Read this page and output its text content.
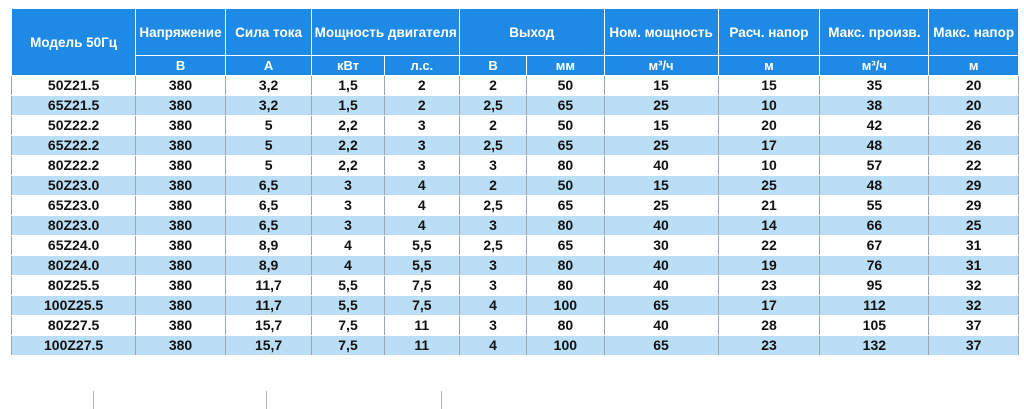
Модель 50Гц	Напряжение	Сила тока	Мощность двигателя		Выход		Ном. мощность	Расч. напор	Макс. произв.	Макс. напор
	В	А	кВт	л.с.	В	мм	м³/ч	м	м³/ч	м
50Z21.5	380	3,2	1,5	2	2	50	15	15	35	20
65Z21.5	380	3,2	1,5	2	2,5	65	25	10	38	20
50Z22.2	380	5	2,2	3	2	50	15	20	42	26
65Z22.2	380	5	2,2	3	2,5	65	25	17	48	26
80Z22.2	380	5	2,2	3	3	80	40	10	57	22
50Z23.0	380	6,5	3	4	2	50	15	25	48	29
65Z23.0	380	6,5	3	4	2,5	65	25	21	55	29
80Z23.0	380	6,5	3	4	3	80	40	14	66	25
65Z24.0	380	8,9	4	5,5	2,5	65	30	22	67	31
80Z24.0	380	8,9	4	5,5	3	80	40	19	76	31
80Z25.5	380	11,7	5,5	7,5	3	80	40	23	95	32
100Z25.5	380	11,7	5,5	7,5	4	100	65	17	112	32
80Z27.5	380	15,7	7,5	11	3	80	40	28	105	37
100Z27.5	380	15,7	7,5	11	4	100	65	23	132	37
